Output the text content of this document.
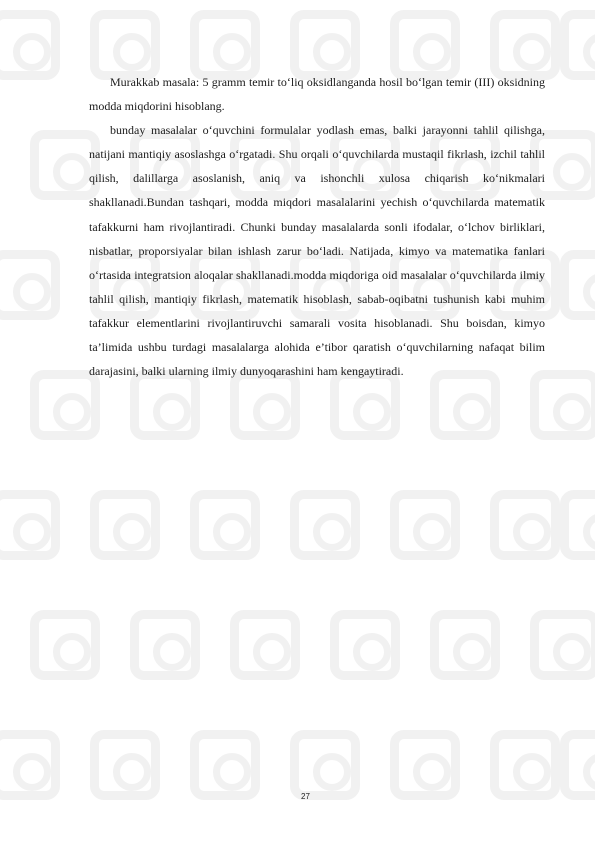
Murakkab masala: 5 gramm temir to‘liq oksidlanganda hosil bo‘lgan temir (III) oksidning modda miqdorini hisoblang.

bunday masalalar o‘quvchini formulalar yodlash emas, balki jarayonni tahlil qilishga, natijani mantiqiy asoslashga o‘rgatadi. Shu orqali o‘quvchilarda mustaqil fikrlash, izchil tahlil qilish, dalillarga asoslanish, aniq va ishonchli xulosa chiqarish ko‘nikmalari shakllanadi.Bundan tashqari, modda miqdori masalalarini yechish o‘quvchilarda matematik tafakkurni ham rivojlantiradi. Chunki bunday masalalarda sonli ifodalar, o‘lchov birliklari, nisbatlar, proporsiyalar bilan ishlash zarur bo‘ladi. Natijada, kimyo va matematika fanlari o‘rtasida integratsion aloqalar shakllanadi.modda miqdoriga oid masalalar o‘quvchilarda ilmiy tahlil qilish, mantiqiy fikrlash, matematik hisoblash, sabab-oqibatni tushunish kabi muhim tafakkur elementlarini rivojlantiruvchi samarali vosita hisoblanadi. Shu boisdan, kimyo ta’limida ushbu turdagi masalalarga alohida e’tibor qaratish o‘quvchilarning nafaqat bilim darajasini, balki ularning ilmiy dunyoqarashini ham kengaytiradi.

27
